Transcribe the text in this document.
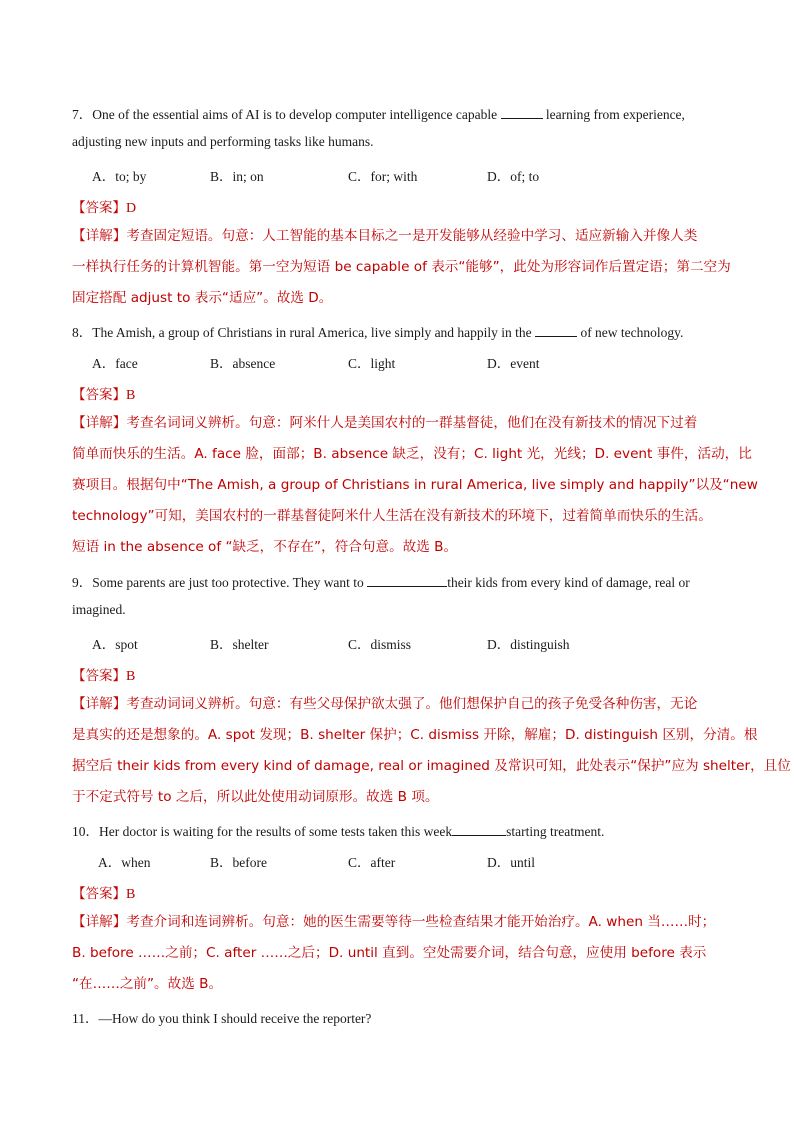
7．One of the essential aims of AI is to develop computer intelligence capable	learning from experience,
adjusting new inputs and performing tasks like humans.
A．to; by	B．in; on	C．for; with	D．of; to
【答案】D
【详解】考查固定短语。句意：人工智能的基本目标之一是开发能够从经验中学习、适应新输入并像人类
一样执行任务的计算机智能。第一空为短语 be capable of 表示“能够”，此处为形容词作后置定语；第二空为
固定搭配 adjust to 表示“适应”。故选 D。
8．The Amish, a group of Christians in rural America, live simply and happily in the	of new technology.
A．face	B．absence	C．light	D．event
【答案】B
【详解】考查名词词义辨析。句意：阿米什人是美国农村的一群基督徒，他们在没有新技术的情况下过着
简单而快乐的生活。A. face 脸，面部；B. absence 缺乏，没有；C. light 光，光线；D. event 事件，活动，比
赛项目。根据句中“The Amish, a group of Christians in rural America, live simply and happily”以及“new
technology”可知，美国农村的一群基督徒阿米什人生活在没有新技术的环境下，过着简单而快乐的生活。
短语 in the absence of “缺乏，不存在”，符合句意。故选 B。
9．Some parents are just too protective. They want to	their kids from every kind of damage, real or
imagined.
A．spot	B．shelter	C．dismiss	D．distinguish
【答案】B
【详解】考查动词词义辨析。句意：有些父母保护欲太强了。他们想保护自己的孩子免受各种伤害，无论
是真实的还是想象的。A. spot 发现；B. shelter 保护；C. dismiss 开除，解雇；D. distinguish 区别，分清。根
据空后 their kids from every kind of damage, real or imagined 及常识可知，此处表示“保护”应为 shelter，且位
于不定式符号 to 之后，所以此处使用动词原形。故选 B 项。
10．Her doctor is waiting for the results of some tests taken this week	starting treatment.
A．when	B．before	C．after	D．until
【答案】B
【详解】考查介词和连词辨析。句意：她的医生需要等待一些检查结果才能开始治疗。A. when 当……时；
B. before ……之前；C. after ……之后；D. until 直到。空处需要介词，结合句意，应使用 before 表示
“在……之前”。故选 B。
11．—How do you think I should receive the reporter?
